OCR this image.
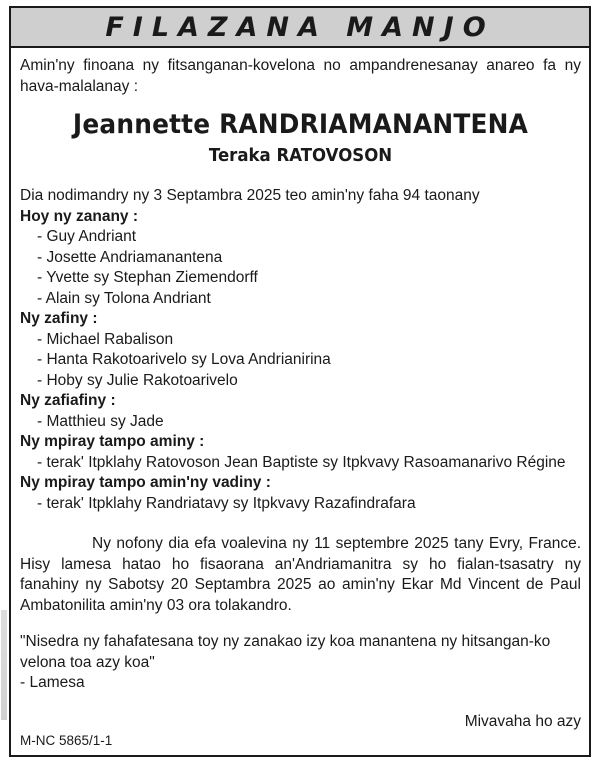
FILAZANA MANJO

Amin'ny finoana ny fitsanganan-kovelona no ampandrenesanay anareo fa ny hava-malalanay :

Jeannette RANDRIAMANANTENA
Teraka RATOVOSON
Dia nodimandry ny 3 Septambra 2025 teo amin'ny faha 94 taonany
Hoy ny zanany :
- Guy Andriant
- Josette Andriamanantena
- Yvette sy Stephan Ziemendorff
- Alain sy Tolona Andriant
Ny zafiny :
- Michael Rabalison
- Hanta Rakotoarivelo sy Lova Andrianirina
- Hoby sy Julie Rakotoarivelo
Ny zafiafiny :
- Matthieu sy Jade
Ny mpiray tampo aminy :
- terak' Itpklahy Ratovoson Jean Baptiste sy Itpkvavy Rasoamanarivo Régine
Ny mpiray tampo amin'ny vadiny :
- terak' Itpklahy Randriatavy sy Itpkvavy Razafindrafara

Ny nofony dia efa voalevina ny 11 septembre 2025 tany Evry, France. Hisy lamesa hatao ho fisaorana an'Andriamanitra sy ho fialan-tsasatry ny fanahiny ny Sabotsy 20 Septambra 2025 ao amin'ny Ekar Md Vincent de Paul Ambatonilita amin'ny 03 ora tolakandro.

"Nisedra ny fahafatesana toy ny zanakao izy koa manantena ny hitsangan-ko velona toa azy koa"
- Lamesa
Mivavaha ho azy
M-NC 5865/1-1
